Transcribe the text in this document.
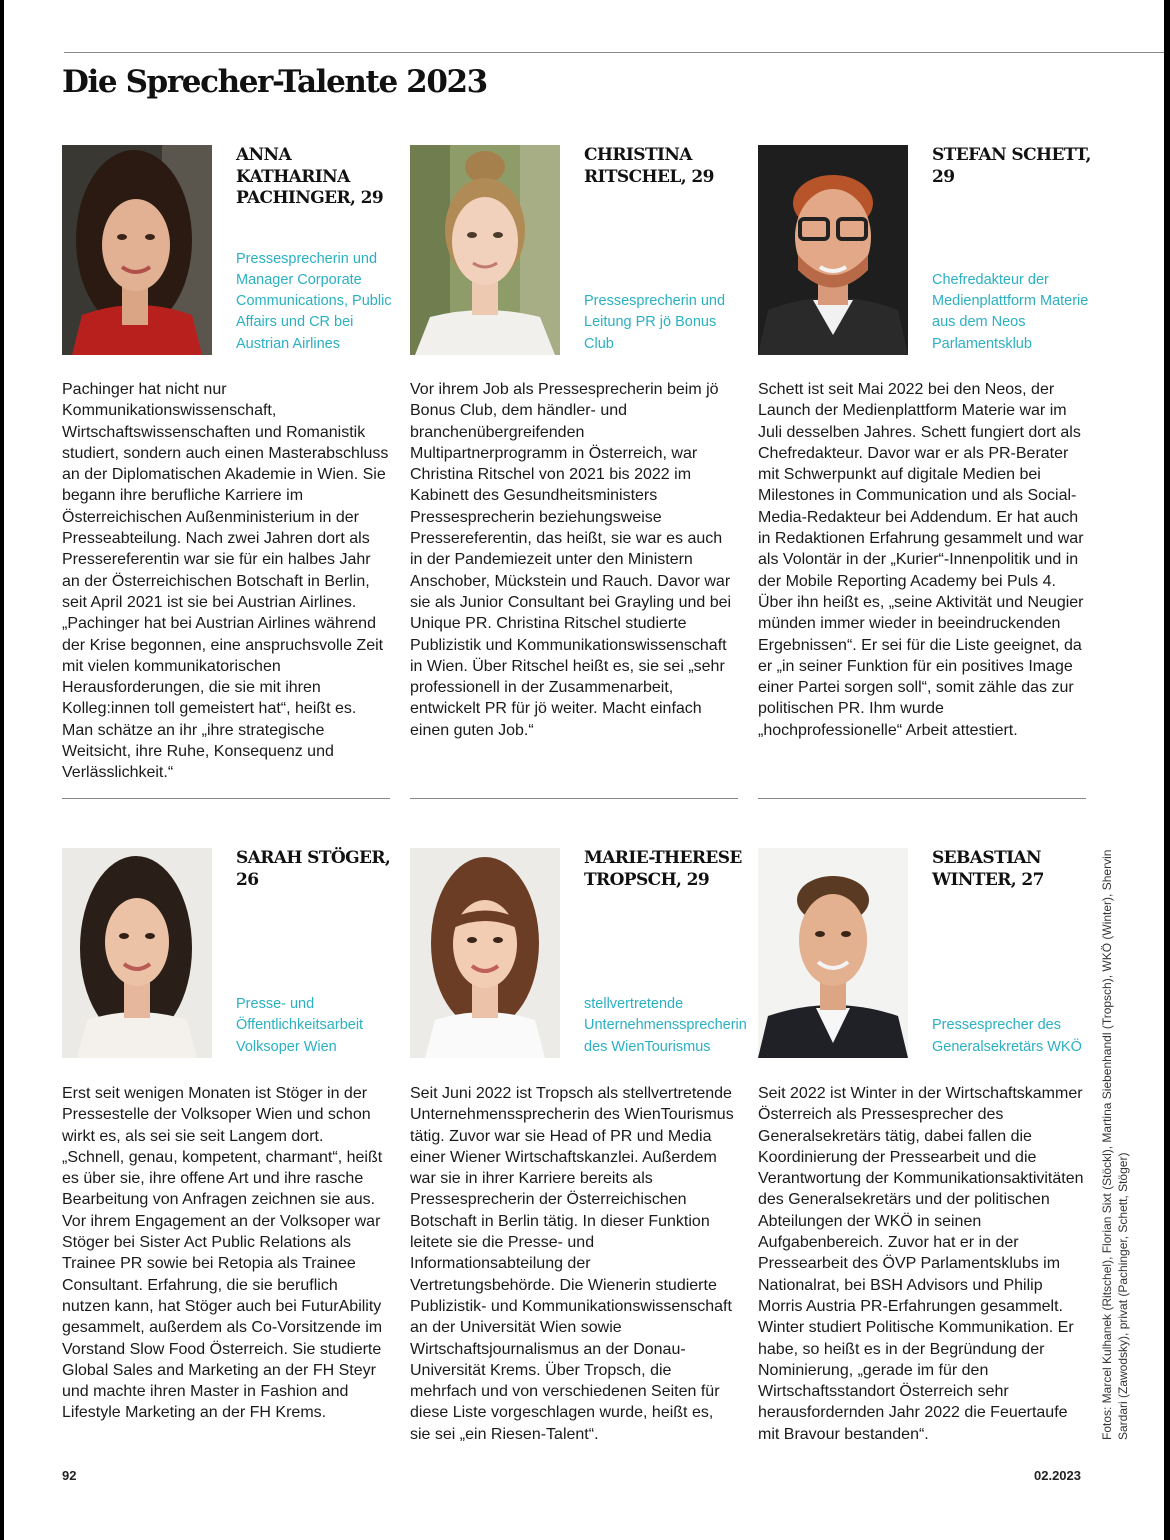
Die Sprecher-Talente 2023
ANNA KATHARINA PACHINGER, 29

Pressesprecherin und Manager Corporate Communications, Public Affairs und CR bei Austrian Airlines

Pachinger hat nicht nur Kommunikationswissenschaft, Wirtschaftswissenschaften und Romanistik studiert, sondern auch einen Masterabschluss an der Diplomatischen Akademie in Wien. Sie begann ihre berufliche Karriere im Österreichischen Außenministerium in der Presseabteilung. Nach zwei Jahren dort als Pressereferentin war sie für ein halbes Jahr an der Österreichischen Botschaft in Berlin, seit April 2021 ist sie bei Austrian Airlines. „Pachinger hat bei Austrian Airlines während der Krise begonnen, eine anspruchsvolle Zeit mit vielen kommunikatorischen Herausforderungen, die sie mit ihren Kolleg:innen toll gemeistert hat“, heißt es. Man schätze an ihr „ihre strategische Weitsicht, ihre Ruhe, Konsequenz und Verlässlichkeit.“

CHRISTINA RITSCHEL, 29

Pressesprecherin und Leitung PR jö Bonus Club

Vor ihrem Job als Pressesprecherin beim jö Bonus Club, dem händler- und branchenübergreifenden Multipartnerprogramm in Österreich, war Christina Ritschel von 2021 bis 2022 im Kabinett des Gesundheitsministers Pressesprecherin beziehungsweise Pressereferentin, das heißt, sie war es auch in der Pandemiezeit unter den Ministern Anschober, Mückstein und Rauch. Davor war sie als Junior Consultant bei Grayling und bei Unique PR. Christina Ritschel studierte Publizistik und Kommunikationswissenschaft in Wien. Über Ritschel heißt es, sie sei „sehr professionell in der Zusammenarbeit, entwickelt PR für jö weiter. Macht einfach einen guten Job.“

STEFAN SCHETT, 29

Chefredakteur der Medienplattform Materie aus dem Neos Parlamentsklub

Schett ist seit Mai 2022 bei den Neos, der Launch der Medienplattform Materie war im Juli desselben Jahres. Schett fungiert dort als Chefredakteur. Davor war er als PR-Berater mit Schwerpunkt auf digitale Medien bei Milestones in Communication und als Social-Media-Redakteur bei Addendum. Er hat auch in Redaktionen Erfahrung gesammelt und war als Volontär in der „Kurier“-Innenpolitik und in der Mobile Reporting Academy bei Puls 4. Über ihn heißt es, „seine Aktivität und Neugier münden immer wieder in beeindruckenden Ergebnissen“. Er sei für die Liste geeignet, da er „in seiner Funktion für ein positives Image einer Partei sorgen soll“, somit zähle das zur politischen PR. Ihm wurde „hochprofessionelle“ Arbeit attestiert.

SARAH STÖGER, 26

Presse- und Öffentlichkeitsarbeit Volksoper Wien

Erst seit wenigen Monaten ist Stöger in der Pressestelle der Volksoper Wien und schon wirkt es, als sei sie seit Langem dort. „Schnell, genau, kompetent, charmant“, heißt es über sie, ihre offene Art und ihre rasche Bearbeitung von Anfragen zeichnen sie aus. Vor ihrem Engagement an der Volksoper war Stöger bei Sister Act Public Relations als Trainee PR sowie bei Retopia als Trainee Consultant. Erfahrung, die sie beruflich nutzen kann, hat Stöger auch bei FuturAbility gesammelt, außerdem als Co-Vorsitzende im Vorstand Slow Food Österreich. Sie studierte Global Sales and Marketing an der FH Steyr und machte ihren Master in Fashion and Lifestyle Marketing an der FH Krems.

MARIE-THERESE TROPSCH, 29

stellvertretende Unternehmenssprecherin des WienTourismus

Seit Juni 2022 ist Tropsch als stellvertretende Unternehmenssprecherin des WienTourismus tätig. Zuvor war sie Head of PR und Media einer Wiener Wirtschaftskanzlei. Außerdem war sie in ihrer Karriere bereits als Pressesprecherin der Österreichischen Botschaft in Berlin tätig. In dieser Funktion leitete sie die Presse- und Informationsabteilung der Vertretungsbehörde. Die Wienerin studierte Publizistik- und Kommunikationswissenschaft an der Universität Wien sowie Wirtschaftsjournalismus an der Donau-Universität Krems. Über Tropsch, die mehrfach und von verschiedenen Seiten für diese Liste vorgeschlagen wurde, heißt es, sie sei „ein Riesen-Talent“.

SEBASTIAN WINTER, 27

Pressesprecher des Generalsekretärs WKÖ

Seit 2022 ist Winter in der Wirtschaftskammer Österreich als Pressesprecher des Generalsekretärs tätig, dabei fallen die Koordinierung der Pressearbeit und die Verantwortung der Kommunikationsaktivitäten des Generalsekretärs und der politischen Abteilungen der WKÖ in seinen Aufgabenbereich. Zuvor hat er in der Pressearbeit des ÖVP Parlamentsklubs im Nationalrat, bei BSH Advisors und Philip Morris Austria PR-Erfahrungen gesammelt. Winter studiert Politische Kommunikation. Er habe, so heißt es in der Begründung der Nominierung, „gerade im für den Wirtschaftsstandort Österreich sehr herausfordernden Jahr 2022 die Feuertaufe mit Bravour bestanden“.	Fotos: Marcel Kulhanek (Ritschel), Florian Sixt (Stöckl), Martina Siebenhandl (Tropsch), WKÖ (Winter), Shervin Sardari (Zawodsky), privat (Pachinger, Schett, Stöger)
92	02.2023
